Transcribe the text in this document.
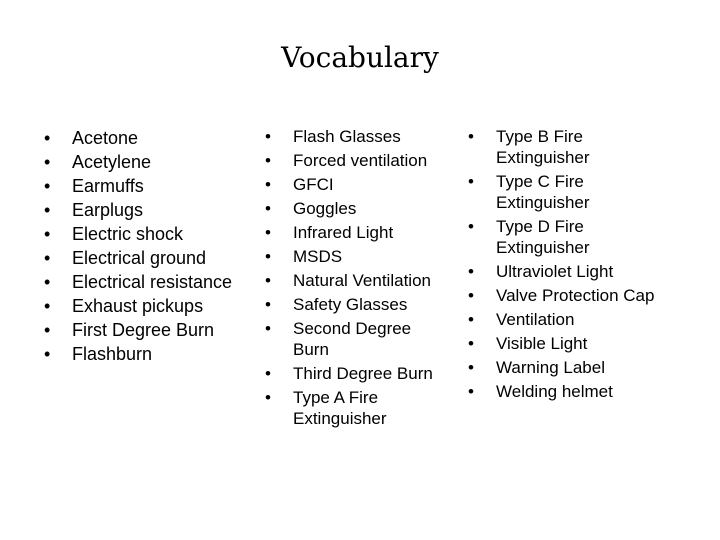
Vocabulary
• Acetone
• Acetylene
• Earmuffs
• Earplugs
• Electric shock
• Electrical ground
• Electrical resistance
• Exhaust pickups
• First Degree Burn
• Flashburn
• Flash Glasses
• Forced ventilation
• GFCI
• Goggles
• Infrared Light
• MSDS
• Natural Ventilation
• Safety Glasses
• Second Degree Burn
• Third Degree Burn
• Type A Fire Extinguisher
• Type B Fire Extinguisher
• Type C Fire Extinguisher
• Type D Fire Extinguisher
• Ultraviolet Light
• Valve Protection Cap
• Ventilation
• Visible Light
• Warning Label
• Welding helmet
